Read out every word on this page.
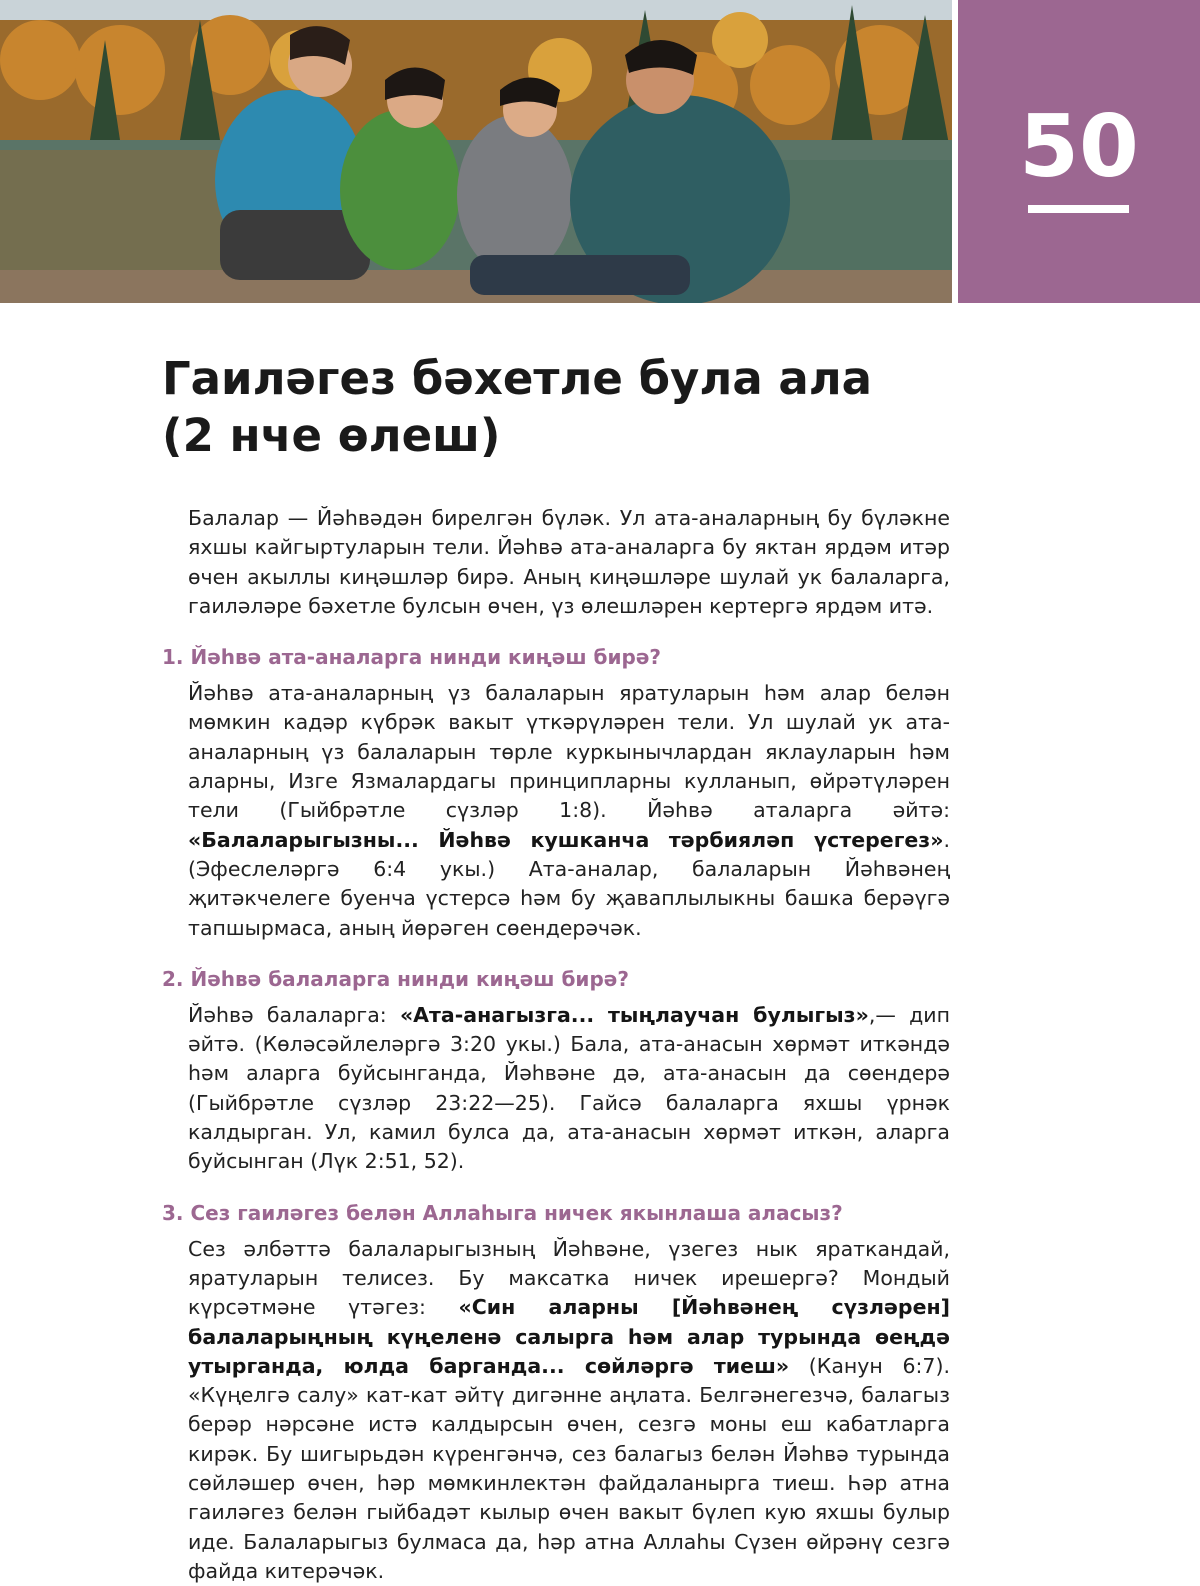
50
Гаиләгез бәхетле була ала
(2 нче өлеш)

Балалар — Йәһвәдән бирелгән бүләк. Ул ата-аналарның бу бүләкне яхшы кайгыртуларын тели. Йәһвә ата-аналарга бу яктан ярдәм итәр өчен акыллы киңәшләр бирә. Аның киңәшләре шулай ук балаларга, гаиләләре бәхетле булсын өчен, үз өлешләрен кертергә ярдәм итә.

1. Йәһвә ата-аналарга нинди киңәш бирә?

Йәһвә ата-аналарның үз балаларын яратуларын һәм алар белән мөмкин кадәр күбрәк вакыт үткәрүләрен тели. Ул шулай ук ата-аналарның үз балаларын төрле куркынычлардан яклауларын һәм аларны, Изге Язмалардагы принципларны кулланып, өйрәтүләрен тели (Гыйбрәтле сүзләр 1:8). Йәһвә аталарга әйтә: «Балаларыгызны... Йәһвә кушканча тәрбияләп үстерегез». (Эфеслеләргә 6:4 укы.) Ата-аналар, балаларын Йәһвәнең җитәкчелеге буенча үстерсә һәм бу җаваплылыкны башка берәүгә тапшырмаса, аның йөрәген сөендерәчәк.

2. Йәһвә балаларга нинди киңәш бирә?

Йәһвә балаларга: «Ата-анагызга... тыңлаучан булыгыз»,— дип әйтә. (Көләсәйлеләргә 3:20 укы.) Бала, ата-анасын хөрмәт иткәндә һәм аларга буйсынганда, Йәһвәне дә, ата-анасын да сөендерә (Гыйбрәтле сүзләр 23:22—25). Гайсә балаларга яхшы үрнәк калдырган. Ул, камил булса да, ата-анасын хөрмәт иткән, аларга буйсынган (Лүк 2:51, 52).

3. Сез гаиләгез белән Аллаһыга ничек якынлаша аласыз?

Сез әлбәттә балаларыгызның Йәһвәне, үзегез нык яраткандай, яратуларын телисез. Бу максатка ничек ирешергә? Мондый күрсәтмәне үтәгез: «Син аларны [Йәһвәнең сүзләрен] балаларыңның күңеленә салырга һәм алар турында өеңдә утырганда, юлда барганда... сөйләргә тиеш» (Канун 6:7). «Күңелгә салу» кат-кат әйтү дигәнне аңлата. Белгәнегезчә, балагыз берәр нәрсәне истә калдырсын өчен, сезгә моны еш кабатларга кирәк. Бу шигырьдән күренгәнчә, сез балагыз белән Йәһвә турында сөйләшер өчен, һәр мөмкинлектән файдаланырга тиеш. Һәр атна гаиләгез белән гыйбадәт кылыр өчен вакыт бүлеп кую яхшы булыр иде. Балаларыгыз булмаса да, һәр атна Аллаһы Сүзен өйрәнү сезгә файда китерәчәк.
